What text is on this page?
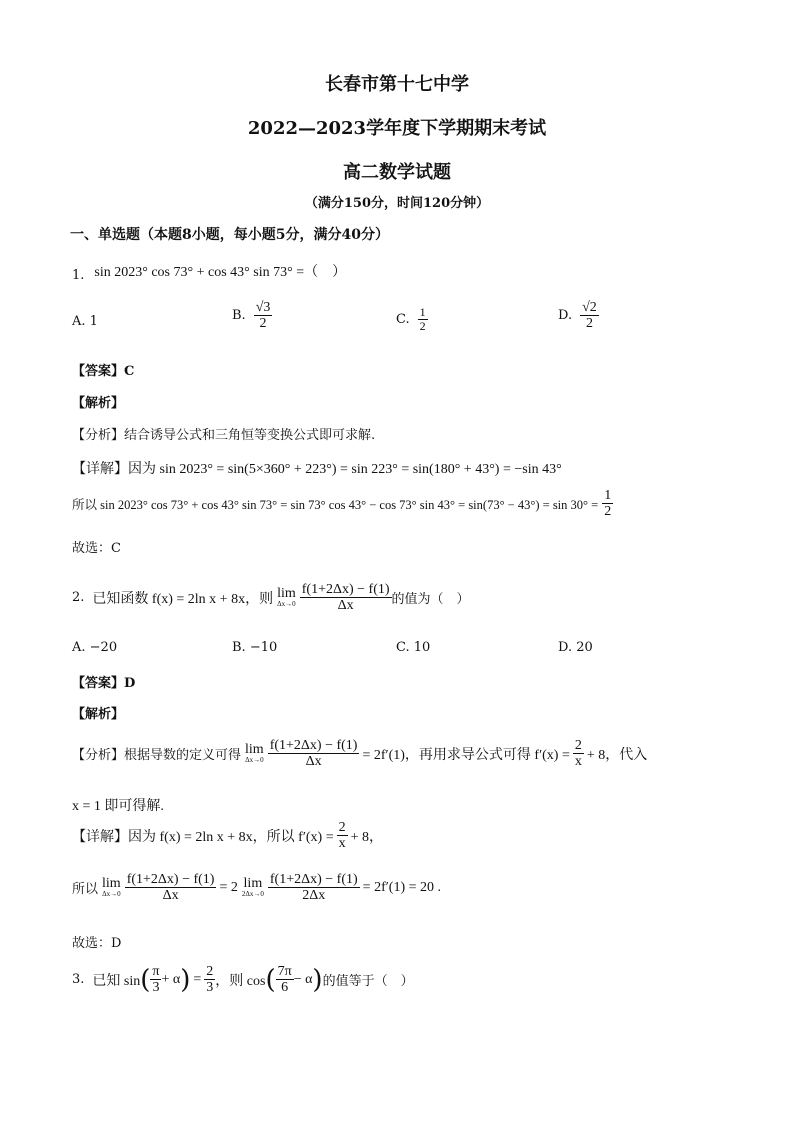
长春市第十七中学
2022—2023学年度下学期期末考试
高二数学试题
（满分150分，时间120分钟）
一、单选题（本题8小题，每小题5分，满分40分）
1. sin 2023° cos 73° + cos 43° sin 73° =（　）
A. 1	B. $\frac{√3}{2}$	C. $\frac{1}{2}$	D. $\frac{√2}{2}$
【答案】C
【解析】
【分析】结合诱导公式和三角恒等变换公式即可求解.
【详解】因为 sin 2023° = sin(5×360° + 223°) = sin 223° = sin(180° + 43°) = −sin 43°
所以 sin 2023° cos 73° + cos 43° sin 73° = sin 73° cos 43° − cos 73° $\sin 43^\circ = \sin(73^\circ - 43^\circ) = \sin 30^\circ = \frac{1}{2}$
故选：C
2. 已知函数 f(x) = 2ln x + 8x，则 lim
$\Delta x\to 0 \frac{f(1+2\Delta x) - f(1)}{\Delta x}$ 的值为（　）
A. −20	B. −10	C. 10	D. 20
【答案】D
【解析】
【分析】根据导数的定义可得 lim
$\Delta x\to 0 \frac{f(1+2\Delta x) - f(1)}{\Delta x} = 2f'(1)$，再用求导公式可得 $f'(x) = \frac{2}{x} + 8$，代入
x = 1 即可得解.
【详解】因为 f(x) = 2ln x + 8x，所以 $f'(x) = \frac{2}{x} + 8$，
所以 lim
$\Delta x\to 0 \frac{f(1+2\Delta x) - f(1)}{\Delta x} = 2$ lim
$2\Delta x\to 0 \frac{f(1+2\Delta x) - f(1)}{2\Delta x} = 2f'(1) = 20$ .
故选：D
3. 已知 sin ( $\frac{\pi}{3} + \alpha$ ) = $\frac{2}{3}$ ，则 cos ( $\frac{7\pi}{6} - \alpha$ ) 的值等于（　）
